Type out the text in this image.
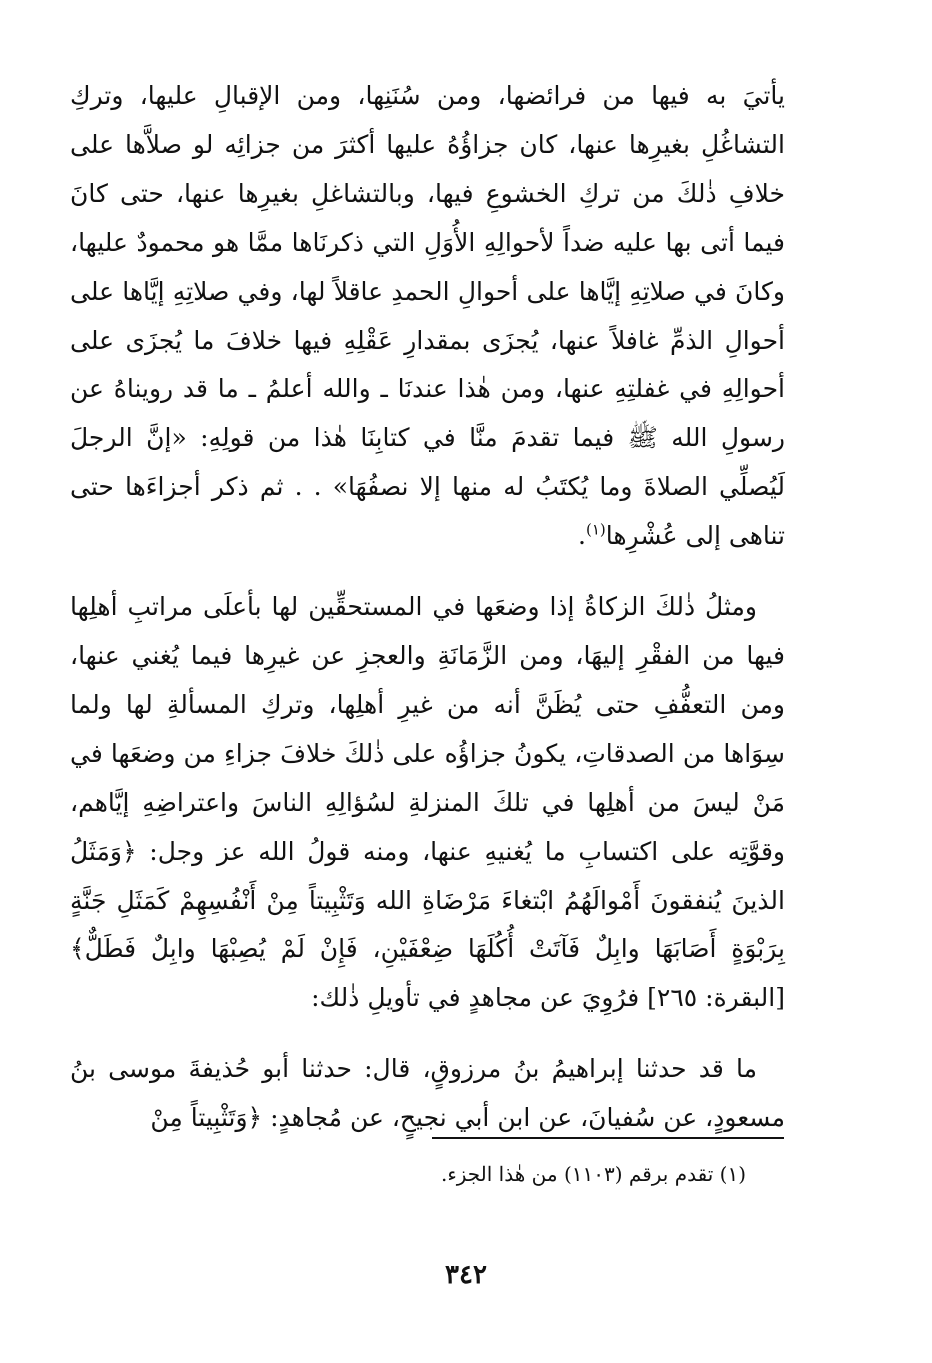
يأتيَ به فيها من فرائضها، ومن سُنَنِها، ومن الإقبالِ عليها، وتركِ التشاغُلِ بغيرِها عنها، كان جزاؤُهُ عليها أكثرَ من جزائِه لو صلاَّها على خلافِ ذٰلكَ من تركِ الخشوعِ فيها، وبالتشاغلِ بغيرِها عنها، حتى كانَ فيما أتى بها عليه ضداً لأحوالِهِ الأُوَلِ التي ذكرنَاها ممَّا هو محمودٌ عليها، وكانَ في صلاتِهِ إيَّاها على أحوالِ الحمدِ عاقلاً لها، وفي صلاتِهِ إيَّاها على أحوالِ الذمِّ غافلاً عنها، يُجزَى بمقدارِ عَقْلِهِ فيها خلافَ ما يُجزَى على أحوالِهِ في غفلتِهِ عنها، ومن هٰذا عندنَا ـ والله أعلمُ ـ ما قد رويناهُ عن رسولِ الله ﷺ فيما تقدمَ منَّا في كتابِنَا هٰذا من قولِهِ: «إنَّ الرجلَ لَيُصلِّي الصلاةَ وما يُكتَبُ له منها إلا نصفُهَا» . . ثم ذكر أجزاءَها حتى تناهى إلى عُشْرِها$^{(١)}$.

ومثلُ ذٰلكَ الزكاةُ إذا وضعَها في المستحقِّين لها بأعلَى مراتبِ أهلِها فيها من الفقْرِ إليهَا، ومن الزَّمَانَةِ والعجزِ عن غيرِها فيما يُغني عنها، ومن التعفُّفِ حتى يُظَنَّ أنه من غيرِ أهلِها، وتركِ المسألةِ لها ولما سِوَاها من الصدقاتِ، يكونُ جزاؤُه على ذٰلكَ خلافَ جزاءِ من وضعَها في مَنْ ليسَ من أهلِها في تلكَ المنزلةِ لسُؤالِهِ الناسَ واعتراضِهِ إيَّاهم، وقوَّتِه على اكتسابِ ما يُغنيهِ عنها، ومنه قولُ الله عز وجل: ﴿وَمَثَلُ الذينَ يُنفقونَ أَمْوالَهُمُ ابْتغاءَ مَرْضَاةِ الله وَتَثْبِيتاً مِنْ أَنْفُسِهِمْ كَمَثَلِ جَنَّةٍ بِرَبْوَةٍ أَصَابَهَا وابِلٌ فَآتَتْ أُكُلَهَا ضِعْفَيْنِ، فَإِنْ لَمْ يُصِبْهَا وابِلٌ فَطَلٌّ﴾ [البقرة: ٢٦٥] فرُوِيَ عن مجاهدٍ في تأويلِ ذٰلك:

ما قد حدثنا إبراهيمُ بنُ مرزوقٍ، قال: حدثنا أبو حُذيفةَ موسى بنُ مسعودٍ، عن سُفيانَ، عن ابن أبي نجيحٍ، عن مُجاهدٍ: ﴿وَتَثْبِيتاً مِنْ

(١) تقدم برقم (١١٠٣) من هٰذا الجزء.

٣٤٢
